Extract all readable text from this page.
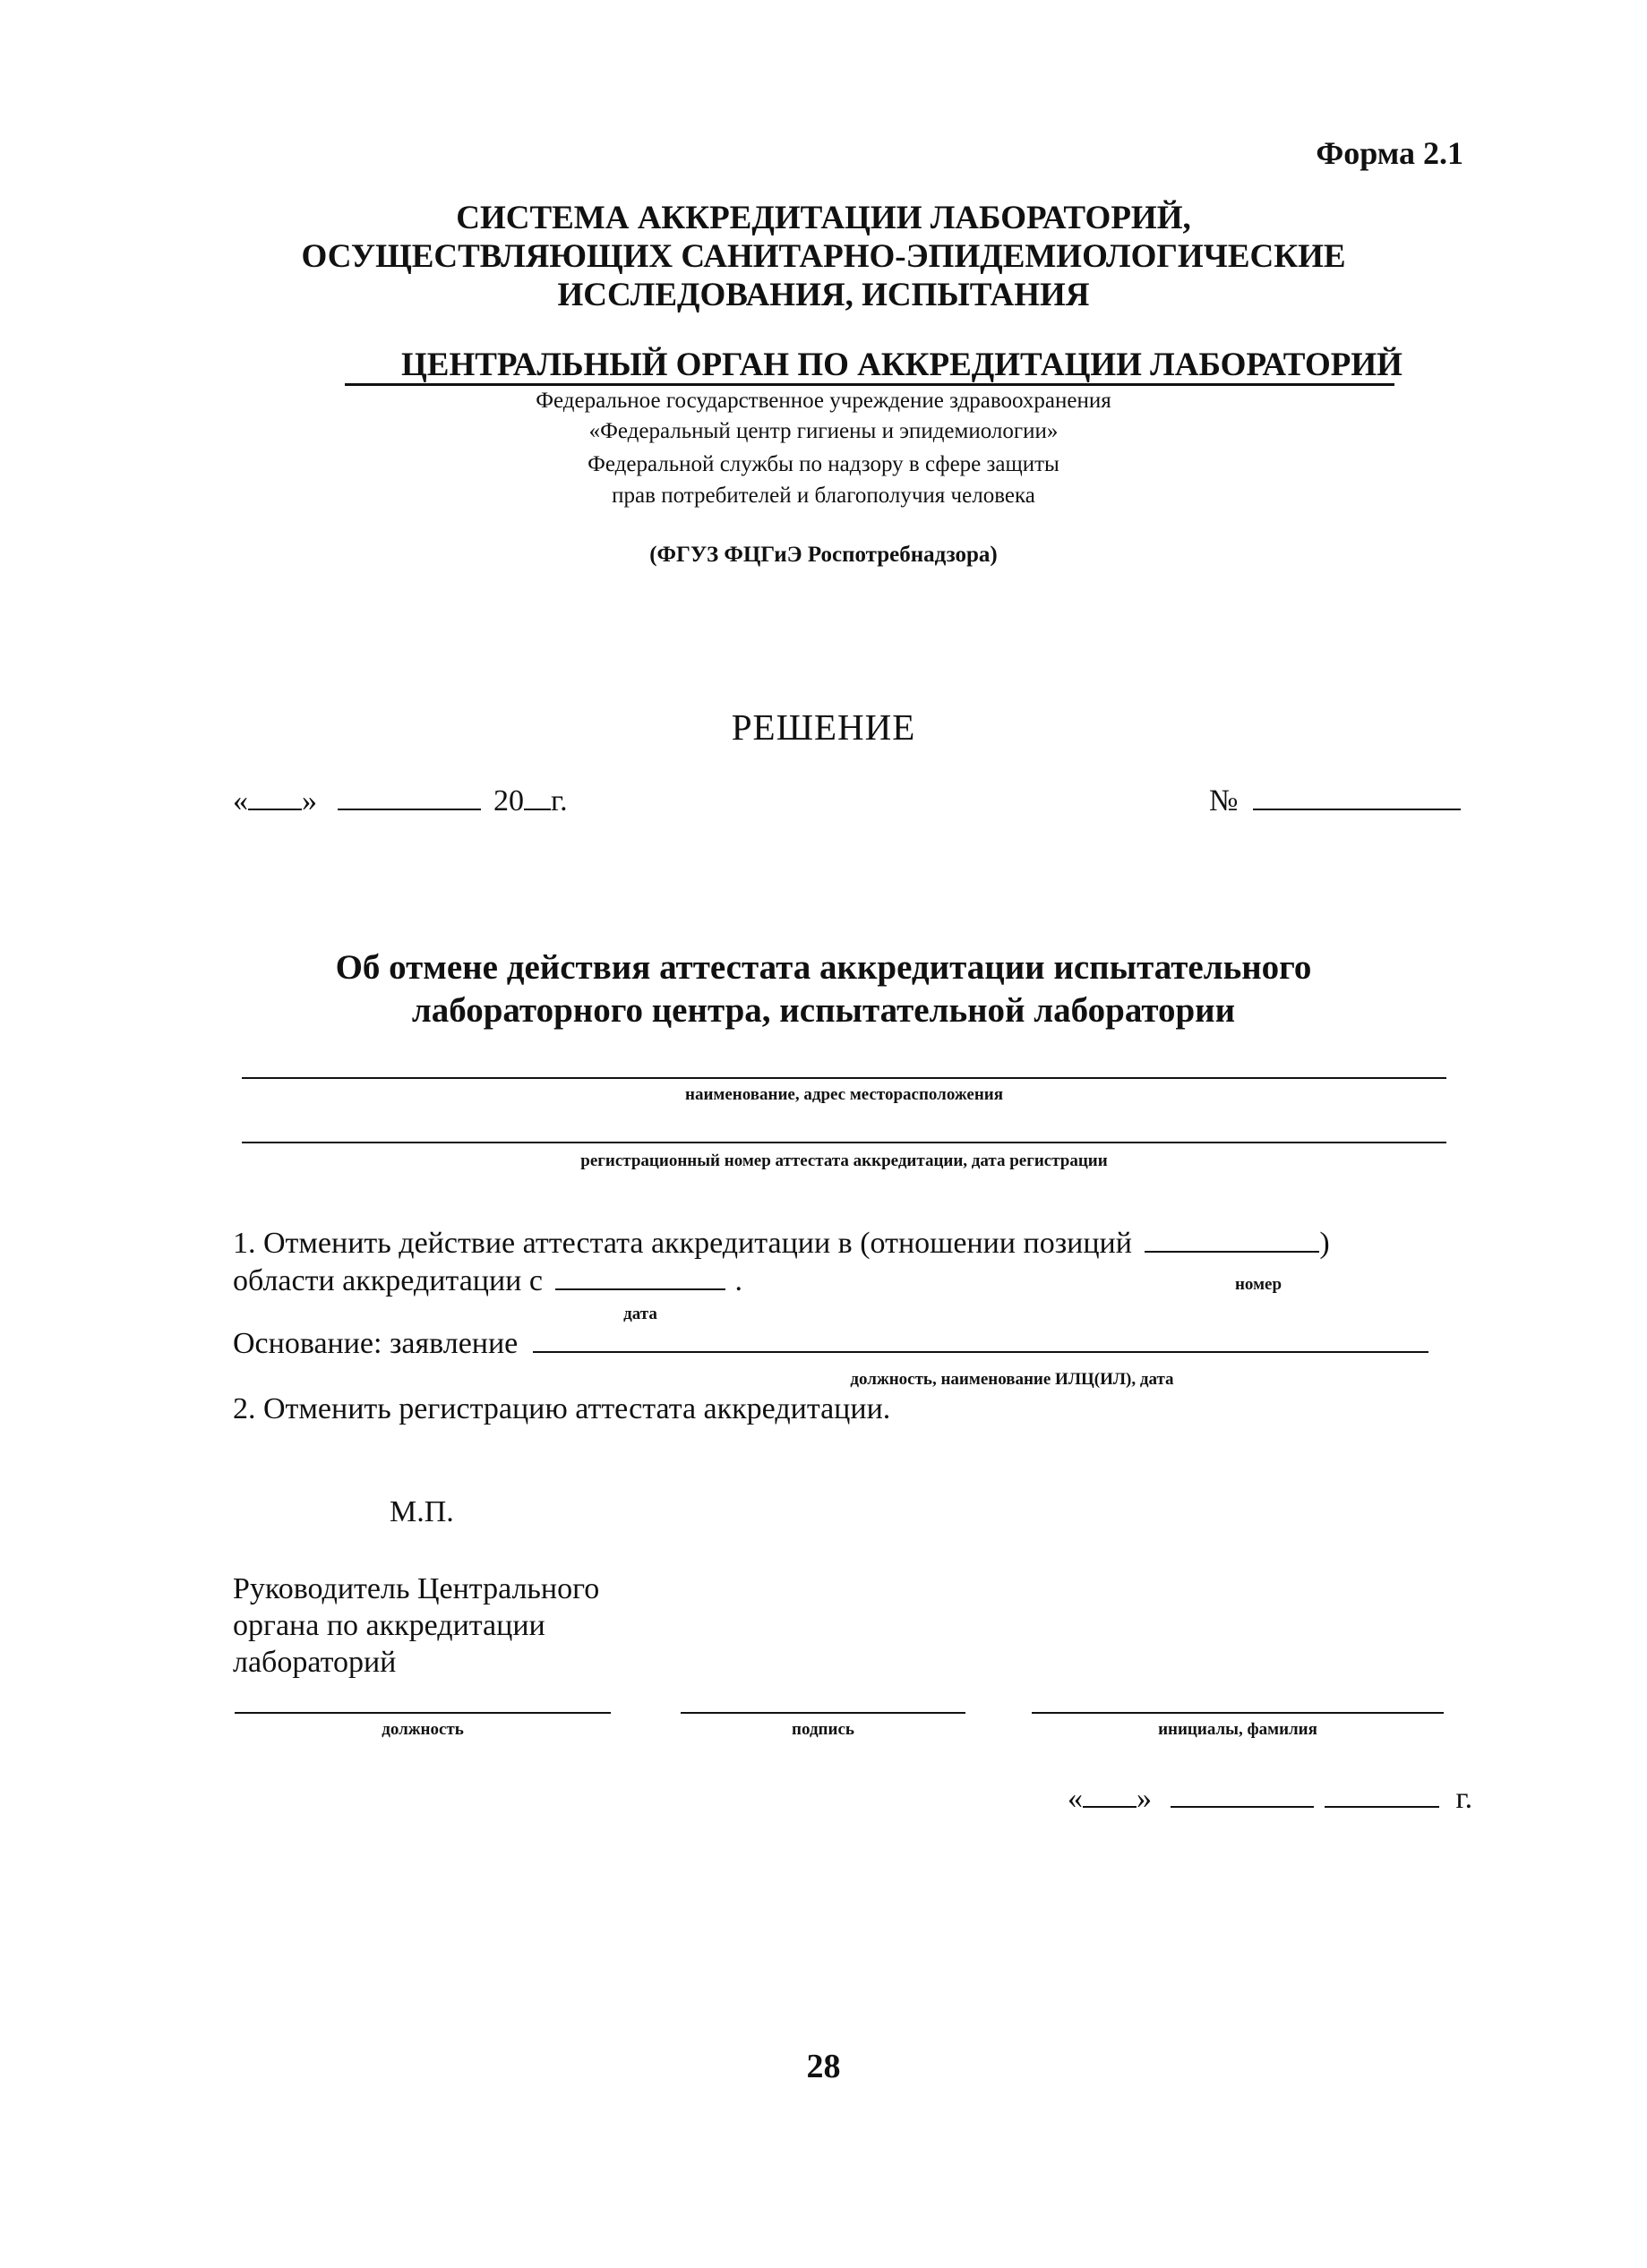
Форма 2.1
СИСТЕМА АККРЕДИТАЦИИ ЛАБОРАТОРИЙ,
ОСУЩЕСТВЛЯЮЩИХ САНИТАРНО-ЭПИДЕМИОЛОГИЧЕСКИЕ
ИССЛЕДОВАНИЯ, ИСПЫТАНИЯ
ЦЕНТРАЛЬНЫЙ ОРГАН ПО АККРЕДИТАЦИИ ЛАБОРАТОРИЙ
Федеральное государственное учреждение здравоохранения
«Федеральный центр гигиены и эпидемиологии»
Федеральной службы по надзору в сфере защиты
прав потребителей и благополучия человека
(ФГУЗ ФЦГиЭ Роспотребнадзора)
РЕШЕНИЕ
« »	20 г.	№
Об отмене действия аттестата аккредитации испытательного
лабораторного центра, испытательной лаборатории
наименование, адрес месторасположения
регистрационный номер аттестата аккредитации, дата регистрации
1. Отменить действие аттестата аккредитации в (отношении позиций	)
области аккредитации с	.	номер
дата
Основание: заявление
должность, наименование ИЛЦ(ИЛ), дата
2. Отменить регистрацию аттестата аккредитации.
М.П.
Руководитель Центрального
органа по аккредитации
лабораторий
должность	подпись	инициалы, фамилия
« »	г.
28
